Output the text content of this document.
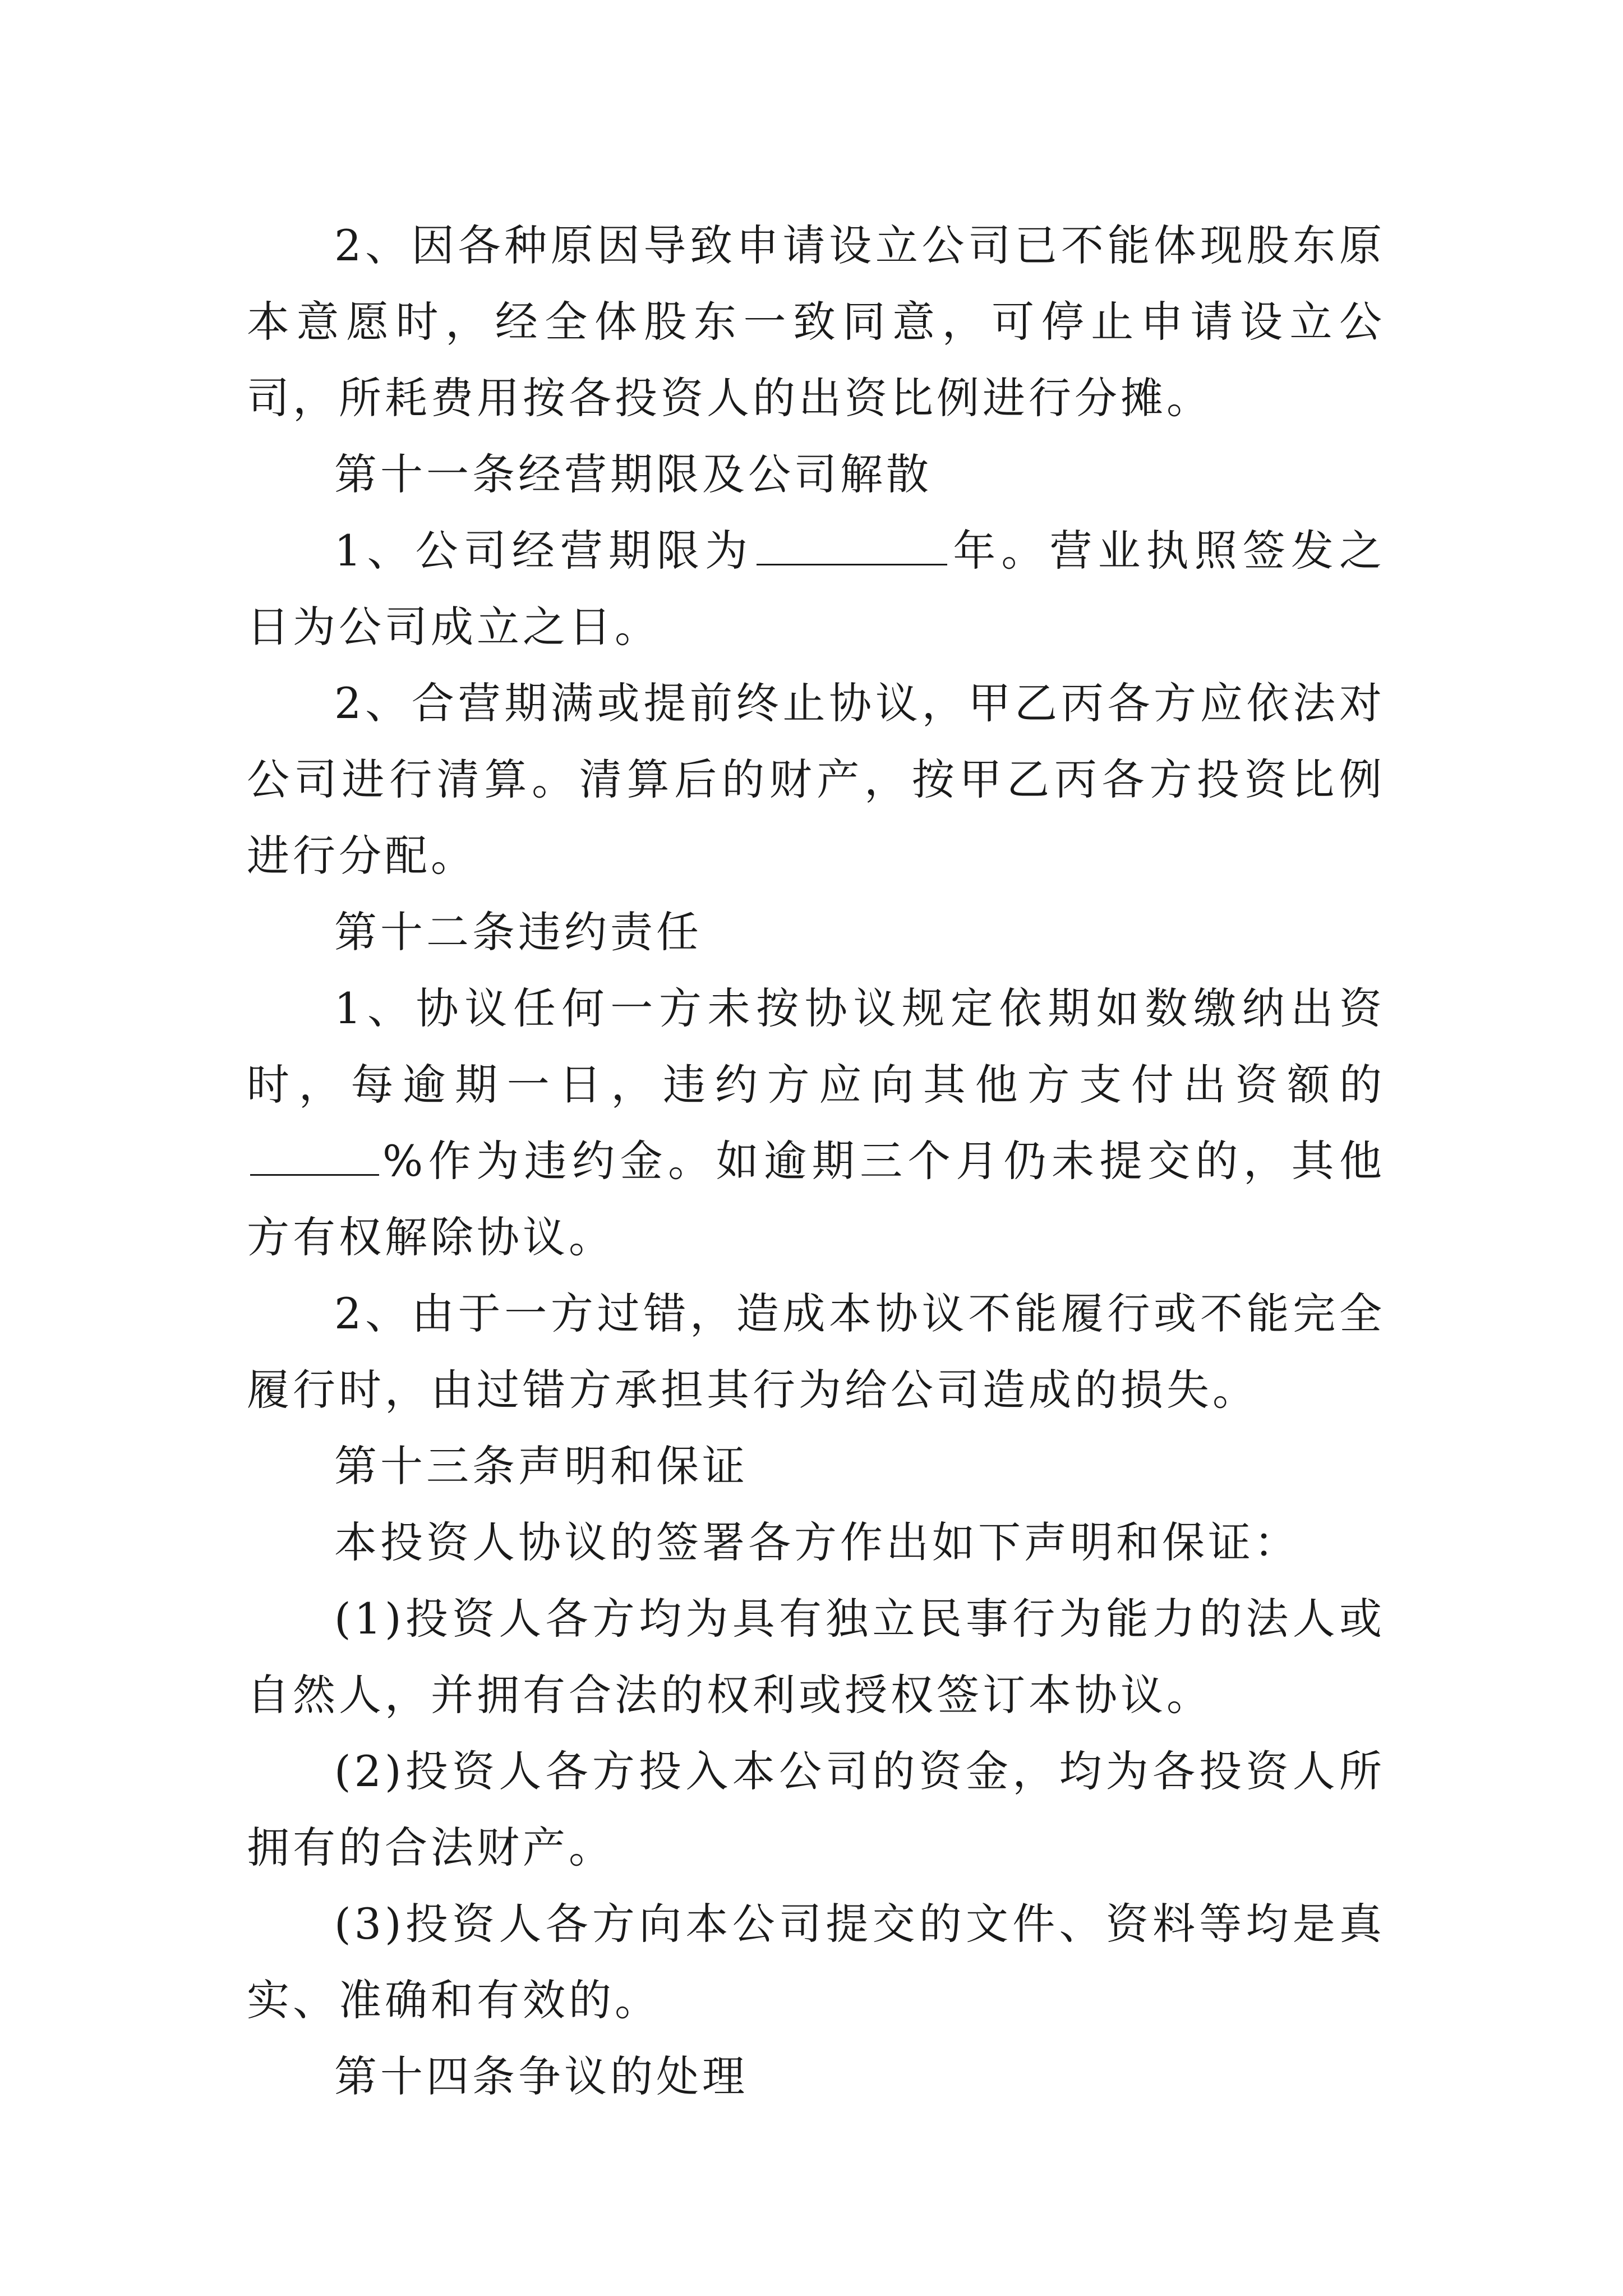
2、因各种原因导致申请设立公司已不能体现股东原本意愿时，经全体股东一致同意，可停止申请设立公司，所耗费用按各投资人的出资比例进行分摊。

第十一条经营期限及公司解散

1、公司经营期限为	年。营业执照签发之日为公司成立之日。

2、合营期满或提前终止协议，甲乙丙各方应依法对公司进行清算。清算后的财产，按甲乙丙各方投资比例进行分配。

第十二条违约责任

1、协议任何一方未按协议规定依期如数缴纳出资时，每逾期一日，违约方应向其他方支付出资额的%作为违约金。如逾期三个月仍未提交的，其他方有权解除协议。

2、由于一方过错，造成本协议不能履行或不能完全履行时，由过错方承担其行为给公司造成的损失。

第十三条声明和保证

本投资人协议的签署各方作出如下声明和保证：

(1)投资人各方均为具有独立民事行为能力的法人或自然人，并拥有合法的权利或授权签订本协议。

(2)投资人各方投入本公司的资金，均为各投资人所拥有的合法财产。

(3)投资人各方向本公司提交的文件、资料等均是真实、准确和有效的。

第十四条争议的处理
